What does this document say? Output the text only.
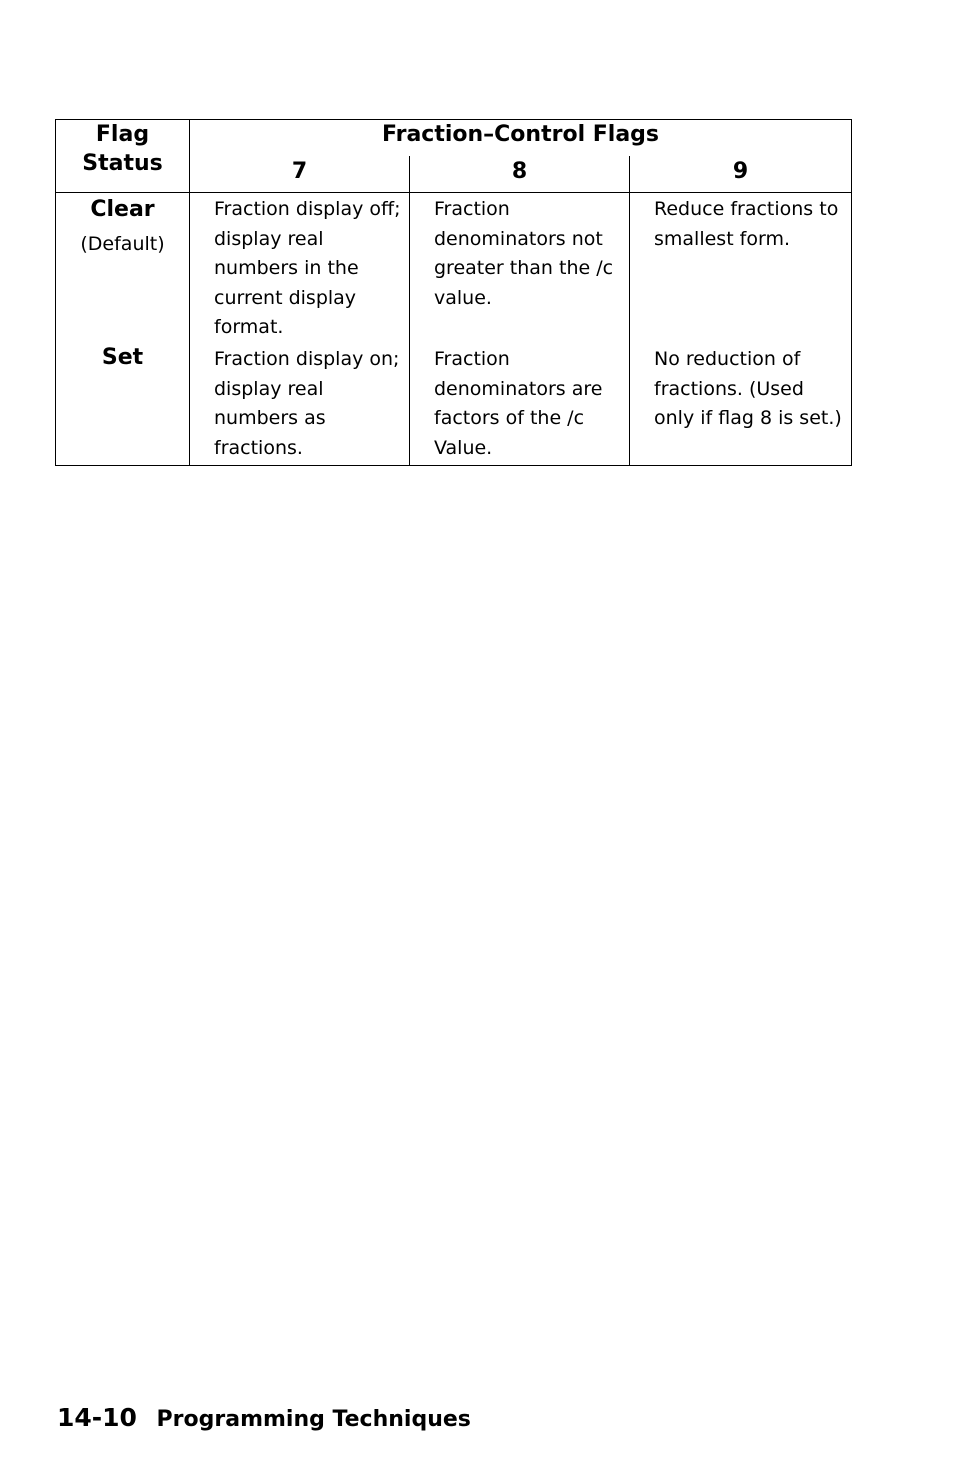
Flag
Status	Fraction–Control Flags		
	7	8	9

Clear
(Default)	Fraction display off; display real numbers in the current display format.	Fraction denominators not greater than the /c value.	Reduce fractions to smallest form.

Set	Fraction display on; display real numbers as fractions.	Fraction denominators are factors of the /c Value.	No reduction of fractions. (Used only if flag 8 is set.)
14-10 Programming Techniques
